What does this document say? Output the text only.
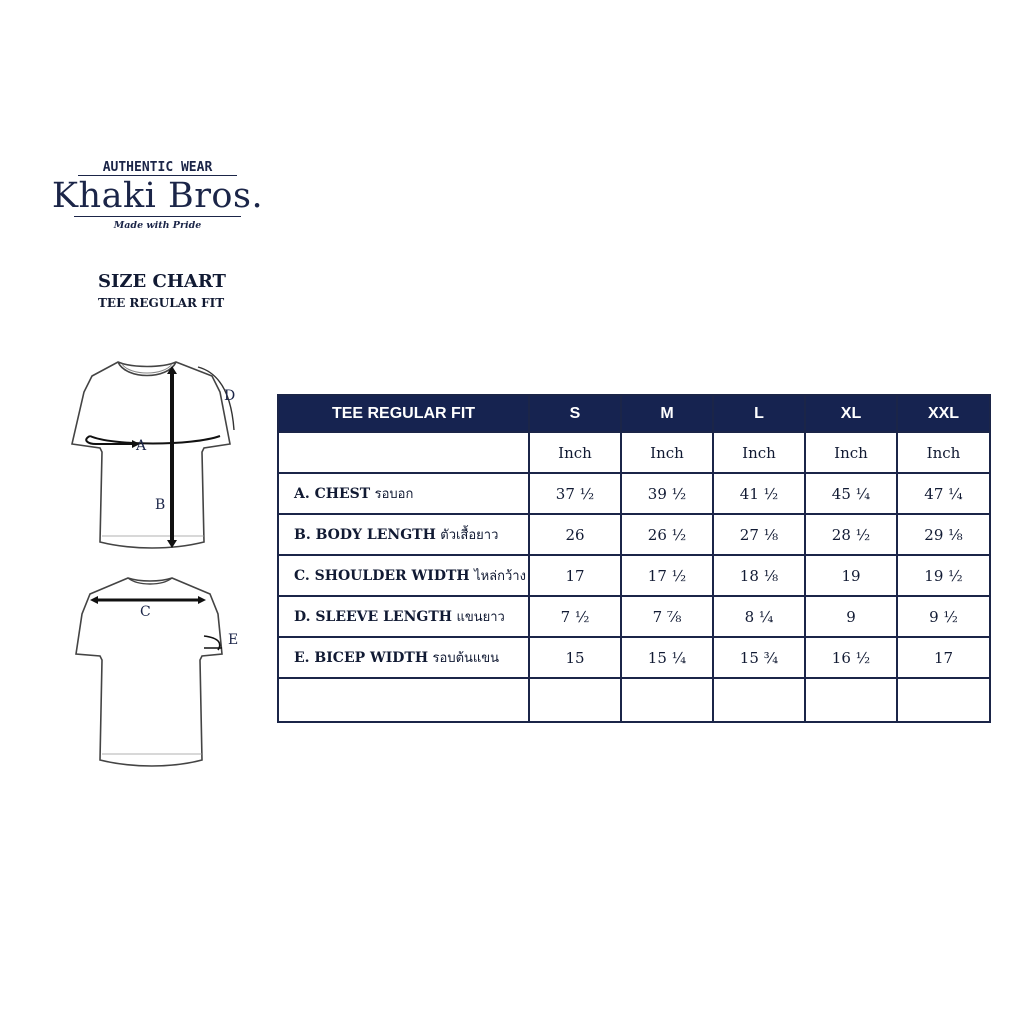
AUTHENTIC WEAR
Khaki Bros.
Made with Pride
SIZE CHART
TEE REGULAR FIT
A
B
D
C
E
TEE REGULAR FIT	S	M	L	XL	XXL
	Inch	Inch	Inch	Inch	Inch
A. CHEST รอบอก	37 ½	39 ½	41 ½	45 ¼	47 ¼
B. BODY LENGTH ตัวเสื้อยาว	26	26 ½	27 ⅛	28 ½	29 ⅛
C. SHOULDER WIDTH ไหล่กว้าง	17	17 ½	18 ⅛	19	19 ½
D. SLEEVE LENGTH แขนยาว	7 ½	7 ⅞	8 ¼	9	9 ½
E. BICEP WIDTH รอบต้นแขน	15	15 ¼	15 ¾	16 ½	17
